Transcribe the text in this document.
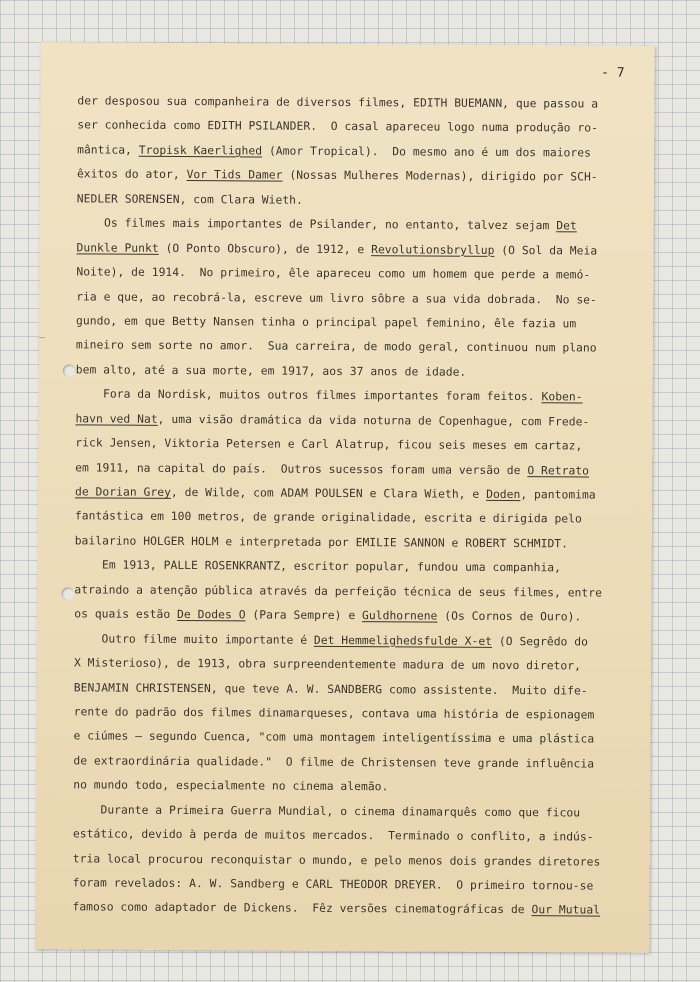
- 7
der desposou sua companheira de diversos filmes, EDITH BUEMANN, que passou a
ser conhecida como EDITH PSILANDER.  O casal apareceu logo numa produção ro-
mântica, Tropisk Kaerlighed (Amor Tropical).  Do mesmo ano é um dos maiores
êxitos do ator, Vor Tids Damer (Nossas Mulheres Modernas), dirigido por SCH-
NEDLER SORENSEN, com Clara Wieth.
Os filmes mais importantes de Psilander, no entanto, talvez sejam Det
Dunkle Punkt (O Ponto Obscuro), de 1912, e Revolutionsbryllup (O Sol da Meia
Noite), de 1914.  No primeiro, êle apareceu como um homem que perde a memó-
ria e que, ao recobrá-la, escreve um livro sôbre a sua vida dobrada.  No se-
gundo, em que Betty Nansen tinha o principal papel feminino, êle fazia um
mineiro sem sorte no amor.  Sua carreira, de modo geral, continuou num plano
bem alto, até a sua morte, em 1917, aos 37 anos de idade.
Fora da Nordisk, muitos outros filmes importantes foram feitos. Koben-
havn ved Nat, uma visão dramática da vida noturna de Copenhague, com Frede-
rick Jensen, Viktoria Petersen e Carl Alatrup, ficou seis meses em cartaz,
em 1911, na capital do país.  Outros sucessos foram uma versão de O Retrato
de Dorian Grey, de Wilde, com ADAM POULSEN e Clara Wieth, e Doden, pantomima
fantástica em 100 metros, de grande originalidade, escrita e dirigida pelo
bailarino HOLGER HOLM e interpretada por EMILIE SANNON e ROBERT SCHMIDT.
Em 1913, PALLE ROSENKRANTZ, escritor popular, fundou uma companhia,
atraindo a atenção pública através da perfeição técnica de seus filmes, entre
os quais estão De Dodes O (Para Sempre) e Guldhornene (Os Cornos de Ouro).
Outro filme muito importante é Det Hemmelighedsfulde X-et (O Segrêdo do
X Misterioso), de 1913, obra surpreendentemente madura de um novo diretor,
BENJAMIN CHRISTENSEN, que teve A. W. SANDBERG como assistente.  Muito dife-
rente do padrão dos filmes dinamarqueses, contava uma história de espionagem
e ciúmes — segundo Cuenca, "com uma montagem inteligentíssima e uma plástica
de extraordinária qualidade."  O filme de Christensen teve grande influência
no mundo todo, especialmente no cinema alemão.
Durante a Primeira Guerra Mundial, o cinema dinamarquês como que ficou
estático, devido à perda de muitos mercados.  Terminado o conflito, a indús-
tria local procurou reconquistar o mundo, e pelo menos dois grandes diretores
foram revelados: A. W. Sandberg e CARL THEODOR DREYER.  O primeiro tornou-se
famoso como adaptador de Dickens.  Fêz versões cinematográficas de Our Mutual
